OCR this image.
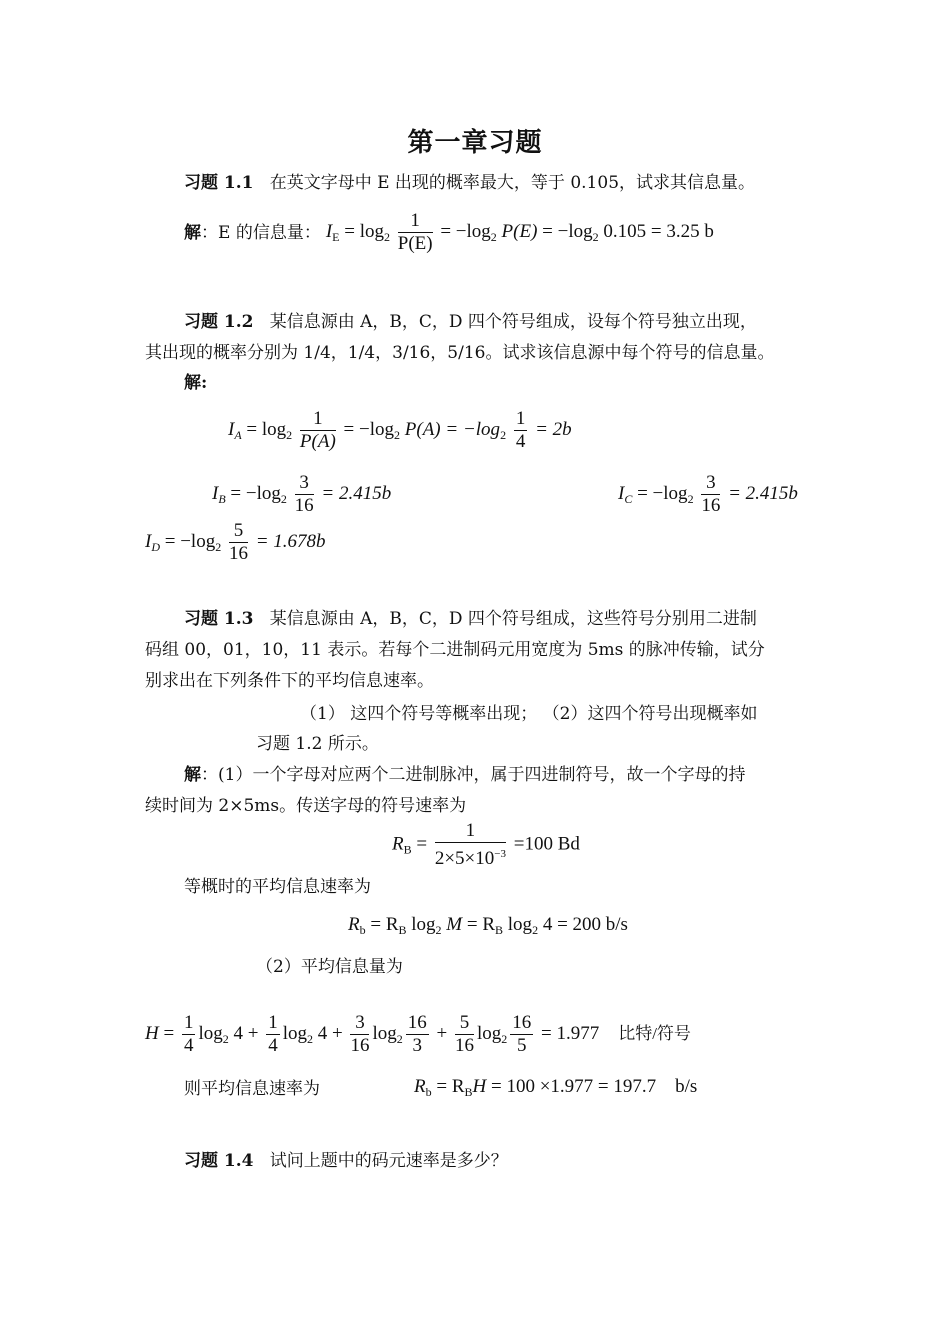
第一章习题
习题 1.1 在英文字母中 E 出现的概率最大，等于 0.105，试求其信息量。
解：E 的信息量： $I_E = \log_2 \frac{1}{P(E)} = -\log_2$ $P(E) = -\log_2$ 0.105 = 3.25 b
习题 1.2 某信息源由 A，B，C，D 四个符号组成，设每个符号独立出现，
其出现的概率分别为 1/4，1/4，3/16，5/16。试求该信息源中每个符号的信息量。
解:
$I_A = \log_2 \frac{1}{P(A)} = -\log_2$ $P(A) = -\log_2 \frac{1}{4} = 2b$
$I_B = -\log_2 \frac{3}{16} = 2.415b$	$I_C = -\log_2 \frac{3}{16} = 2.415b$
$I_D = -\log_2 \frac{5}{16} = 1.678b$
习题 1.3 某信息源由 A，B，C，D 四个符号组成，这些符号分别用二进制
码组 00，01，10，11 表示。若每个二进制码元用宽度为 5ms 的脉冲传输，试分
别求出在下列条件下的平均信息速率。
（1） 这四个符号等概率出现； （2）这四个符号出现概率如
习题 1.2 所示。
解：(1）一个字母对应两个二进制脉冲，属于四进制符号，故一个字母的持
续时间为 2×5ms。传送字母的符号速率为
$R_B = \frac{1}{2\times 5\times 10^{-3}} =100$ Bd
等概时的平均信息速率为
$R_b = R_B$ $\log_2 M = R_B$ $\log_2 4 = 200$ b/s
（2）平均信息量为
$H = \frac{1}{4} \log_2 4 + \frac{1}{4} \log_2 4 + \frac{3}{16} \log_2 \frac{16}{3} + \frac{5}{16} \log_2 \frac{16}{5} = 1.977$ 比特/符号
则平均信息速率为	$R_b = R_BH = 100 \times 1.977 = 197.7$ b/s
习题 1.4 试问上题中的码元速率是多少？
